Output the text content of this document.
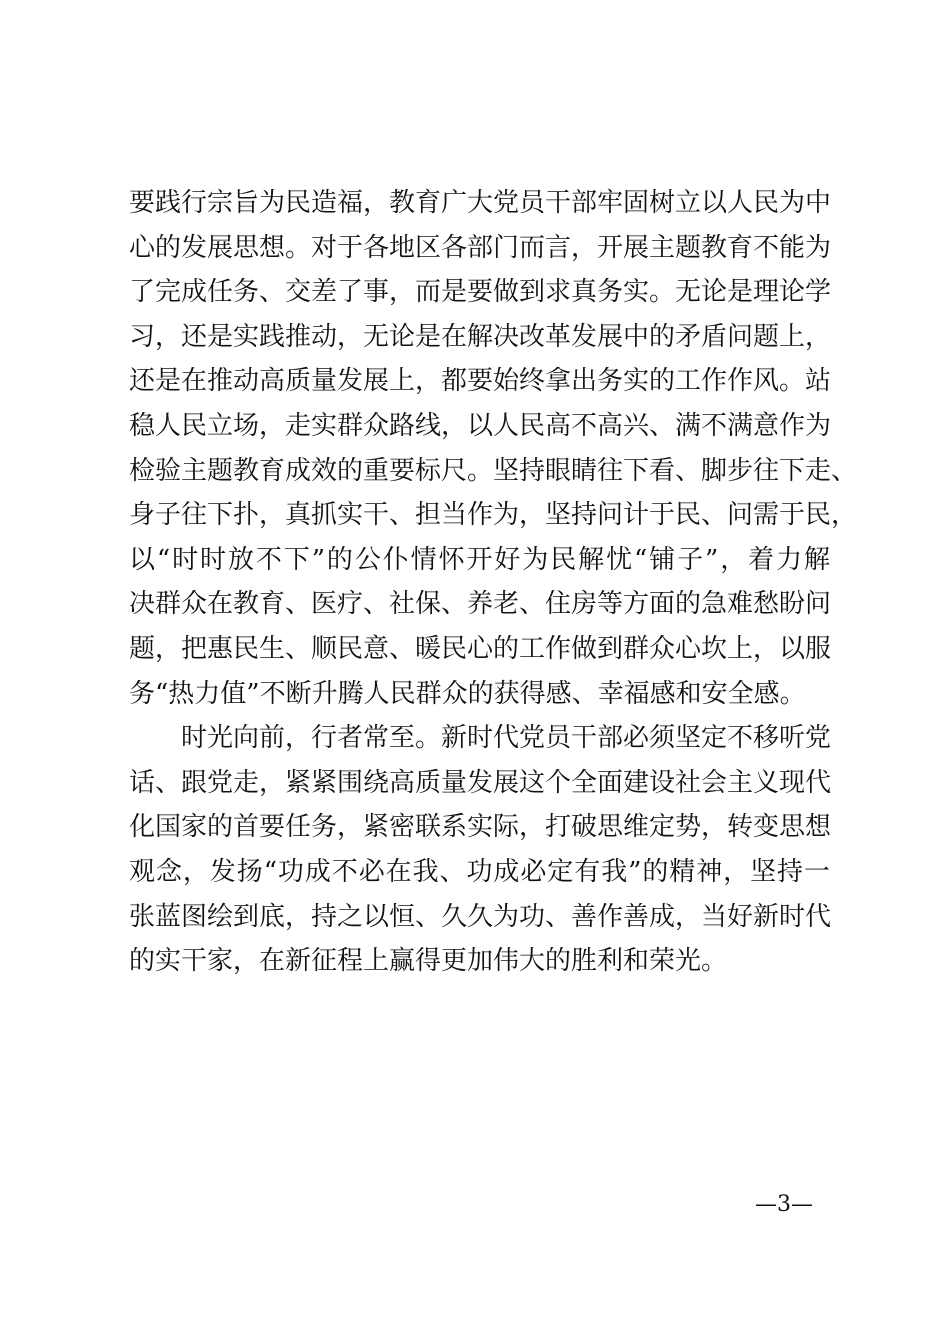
要践行宗旨为民造福，教育广大党员干部牢固树立以人民为中
心的发展思想。对于各地区各部门而言，开展主题教育不能为
了完成任务、交差了事，而是要做到求真务实。无论是理论学
习，还是实践推动，无论是在解决改革发展中的矛盾问题上，
还是在推动高质量发展上，都要始终拿出务实的工作作风。站
稳人民立场，走实群众路线，以人民高不高兴、满不满意作为
检验主题教育成效的重要标尺。坚持眼睛往下看、脚步往下走、
身子往下扑，真抓实干、担当作为，坚持问计于民、问需于民，
以“时时放不下”的公仆情怀开好为民解忧“铺子”，着力解
决群众在教育、医疗、社保、养老、住房等方面的急难愁盼问
题，把惠民生、顺民意、暖民心的工作做到群众心坎上，以服
务“热力值”不断升腾人民群众的获得感、幸福感和安全感。
时光向前，行者常至。新时代党员干部必须坚定不移听党
话、跟党走，紧紧围绕高质量发展这个全面建设社会主义现代
化国家的首要任务，紧密联系实际，打破思维定势，转变思想
观念，发扬“功成不必在我、功成必定有我”的精神，坚持一
张蓝图绘到底，持之以恒、久久为功、善作善成，当好新时代
的实干家，在新征程上赢得更加伟大的胜利和荣光。
—3—
